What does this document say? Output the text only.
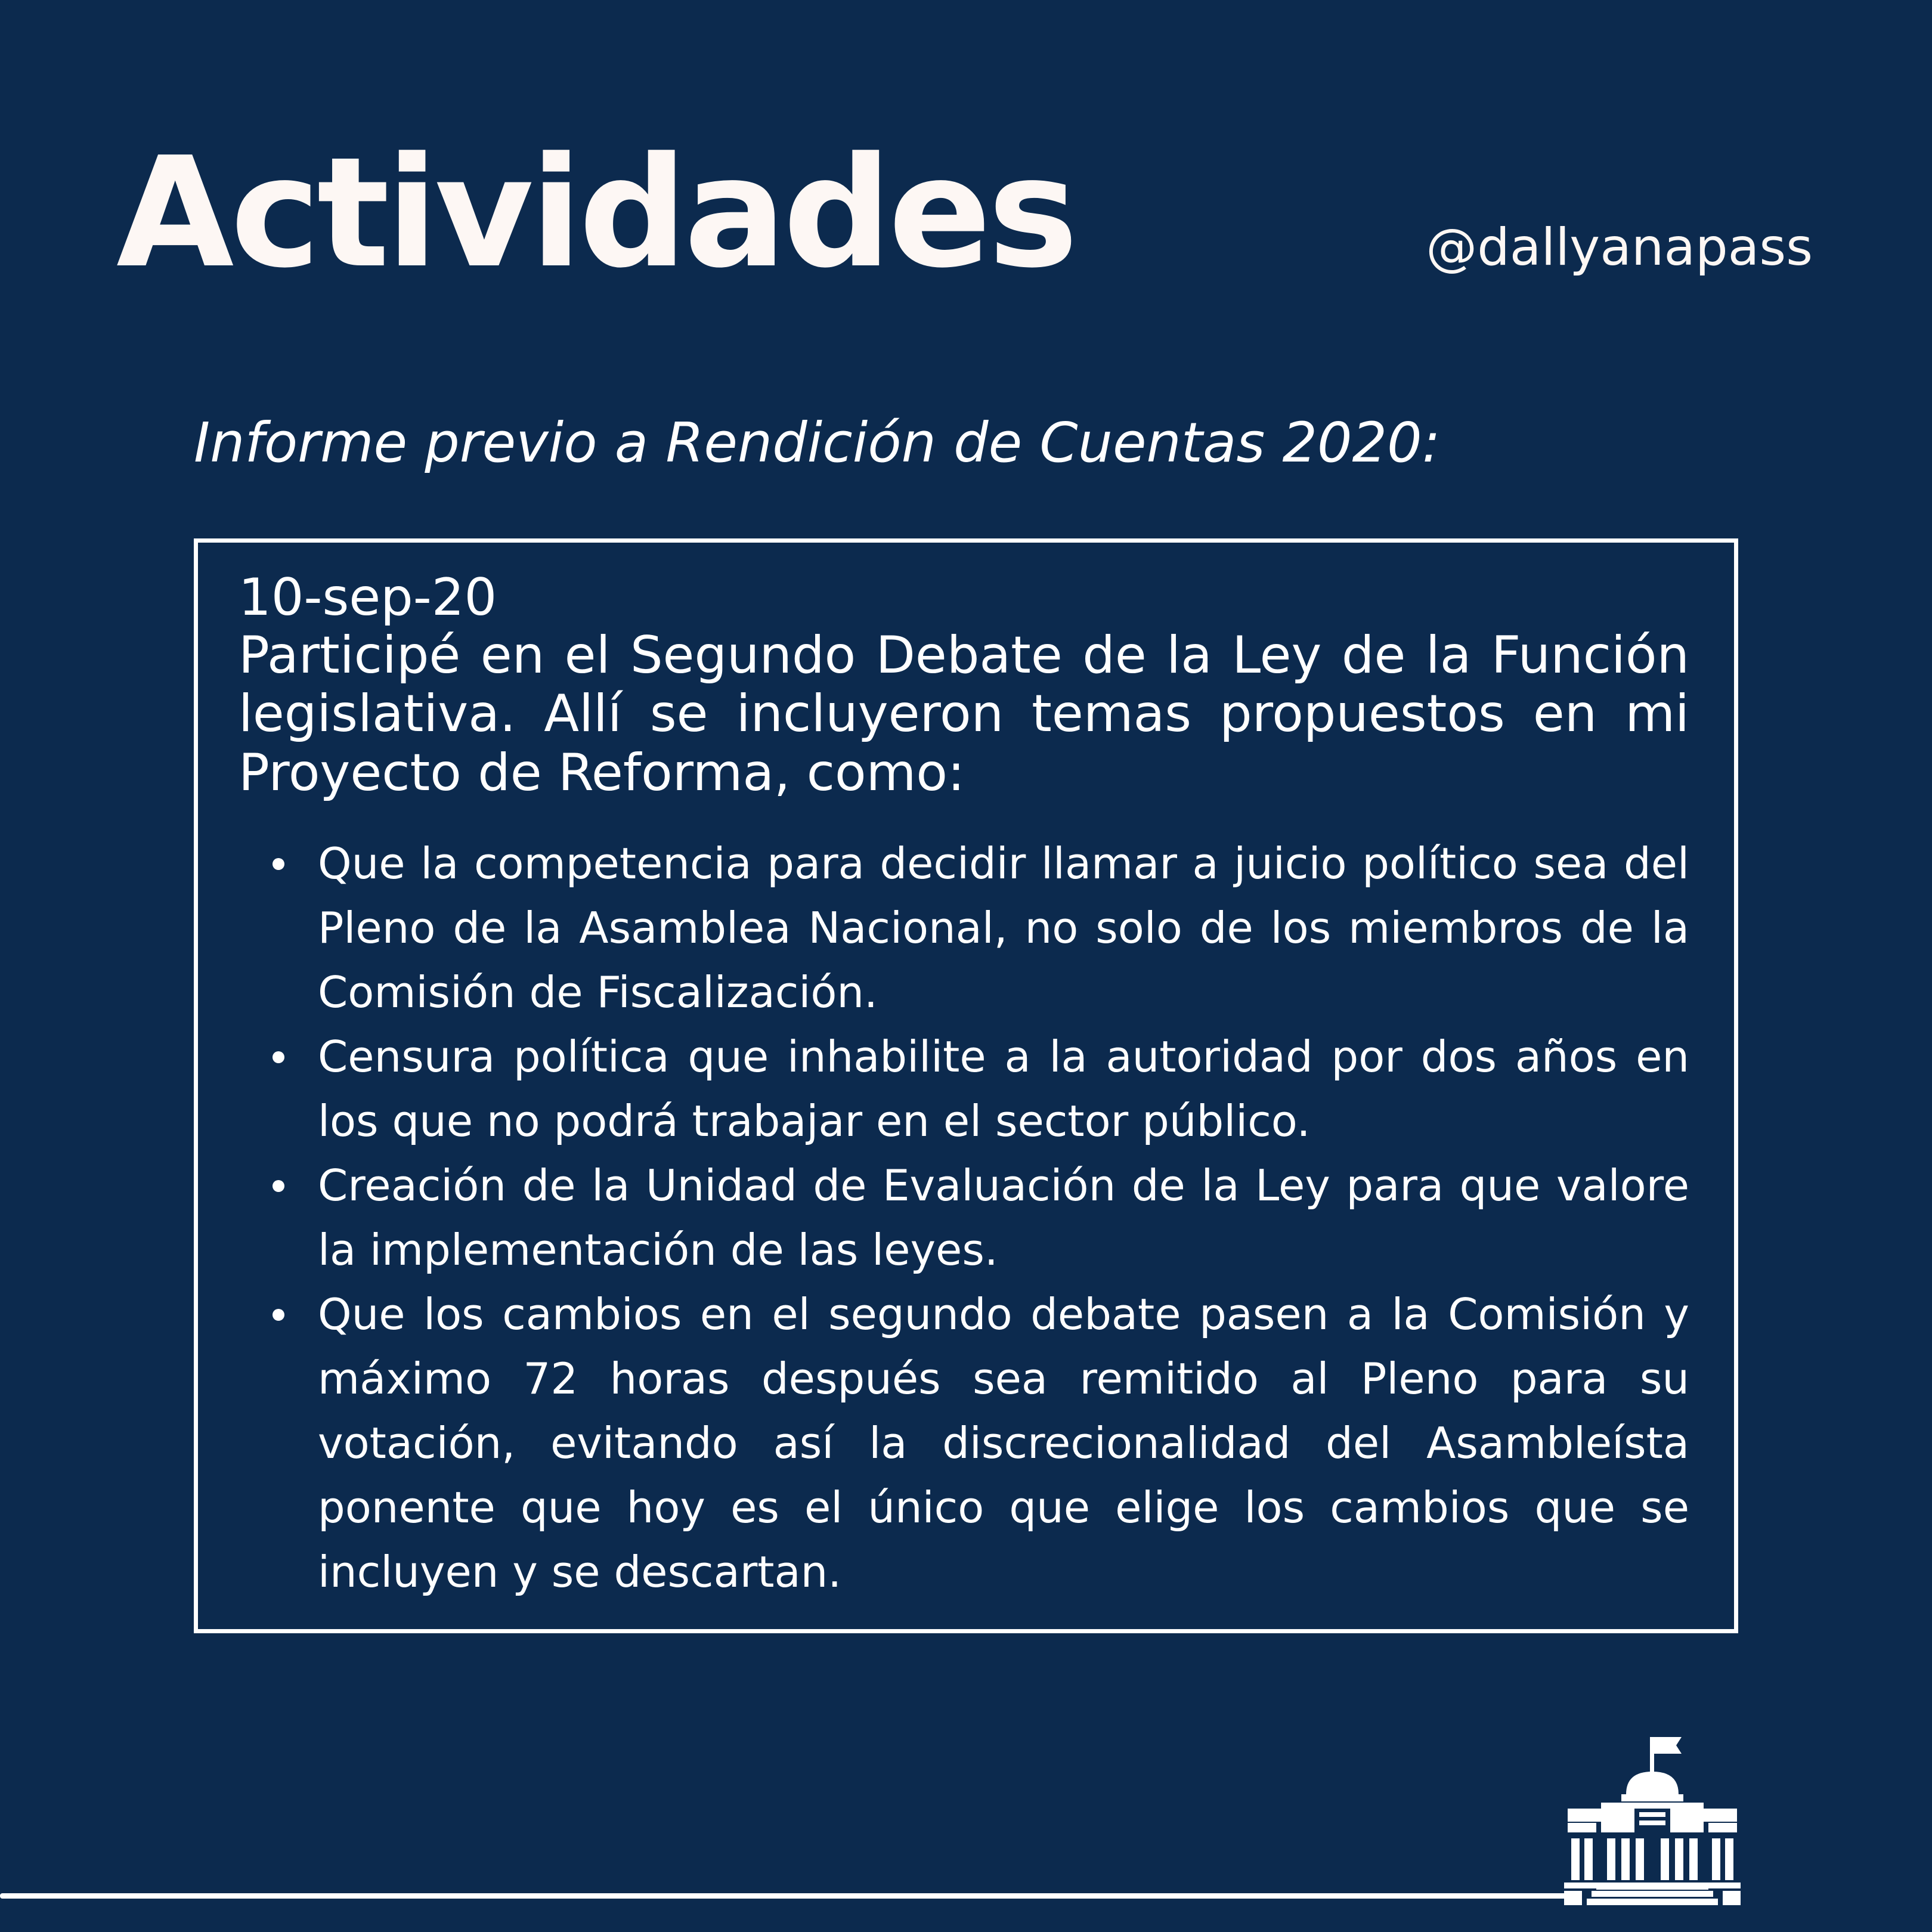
Actividades	@dallyanapass
Informe previo a Rendición de Cuentas 2020:
10-sep-20

Participé en el Segundo Debate de la Ley de la Función legislativa. Allí se incluyeron temas propuestos en mi Proyecto de Reforma, como:

Que la competencia para decidir llamar a juicio político sea del Pleno de la Asamblea Nacional, no solo de los miembros de la Comisión de Fiscalización.
Censura política que inhabilite a la autoridad por dos años en los que no podrá trabajar en el sector público.
Creación de la Unidad de Evaluación de la Ley para que valore la implementación de las leyes.
Que los cambios en el segundo debate pasen a la Comisión y máximo 72 horas después sea remitido al Pleno para su votación, evitando así la discrecionalidad del Asambleísta ponente que hoy es el único que elige los cambios que se incluyen y se descartan.
